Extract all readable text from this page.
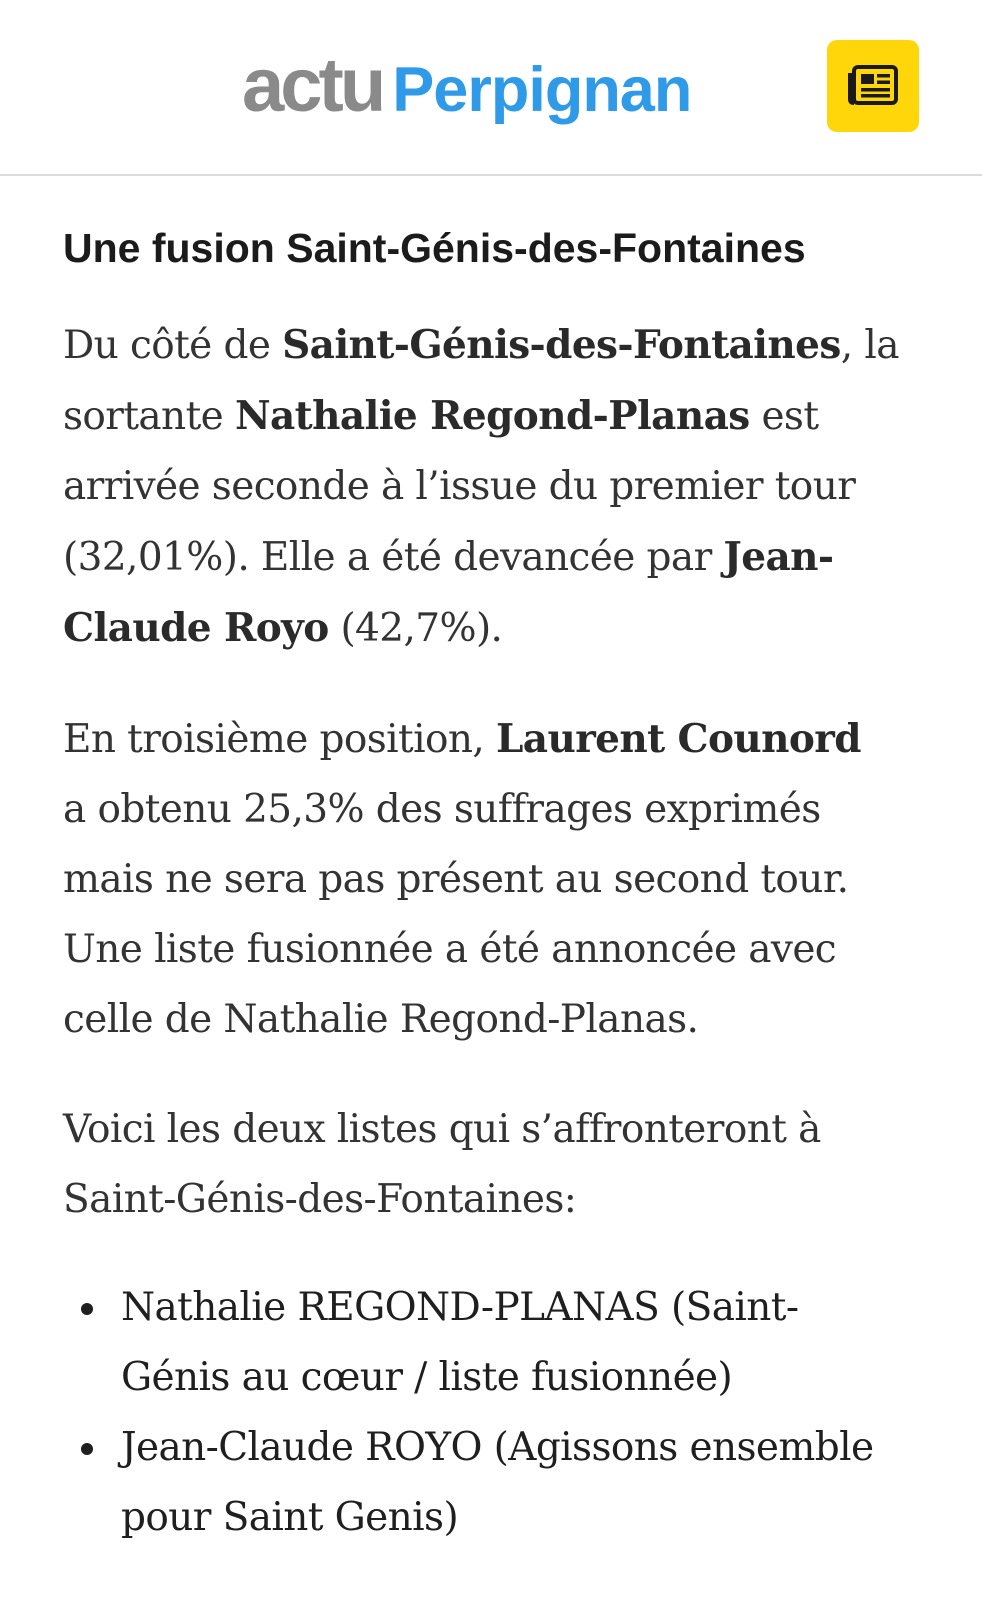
actu Perpignan
Une fusion Saint-Génis-des-Fontaines

Du côté de Saint-Génis-des-Fontaines, la
sortante Nathalie Regond-Planas est
arrivée seconde à l’issue du premier tour
(32,01%). Elle a été devancée par Jean-
Claude Royo (42,7%).

En troisième position, Laurent Counord
a obtenu 25,3% des suffrages exprimés
mais ne sera pas présent au second tour.
Une liste fusionnée a été annoncée avec
celle de Nathalie Regond-Planas.

Voici les deux listes qui s’affronteront à
Saint-Génis-des-Fontaines:

Nathalie REGOND-PLANAS (Saint-
Génis au cœur / liste fusionnée)
Jean-Claude ROYO (Agissons ensemble
pour Saint Genis)
